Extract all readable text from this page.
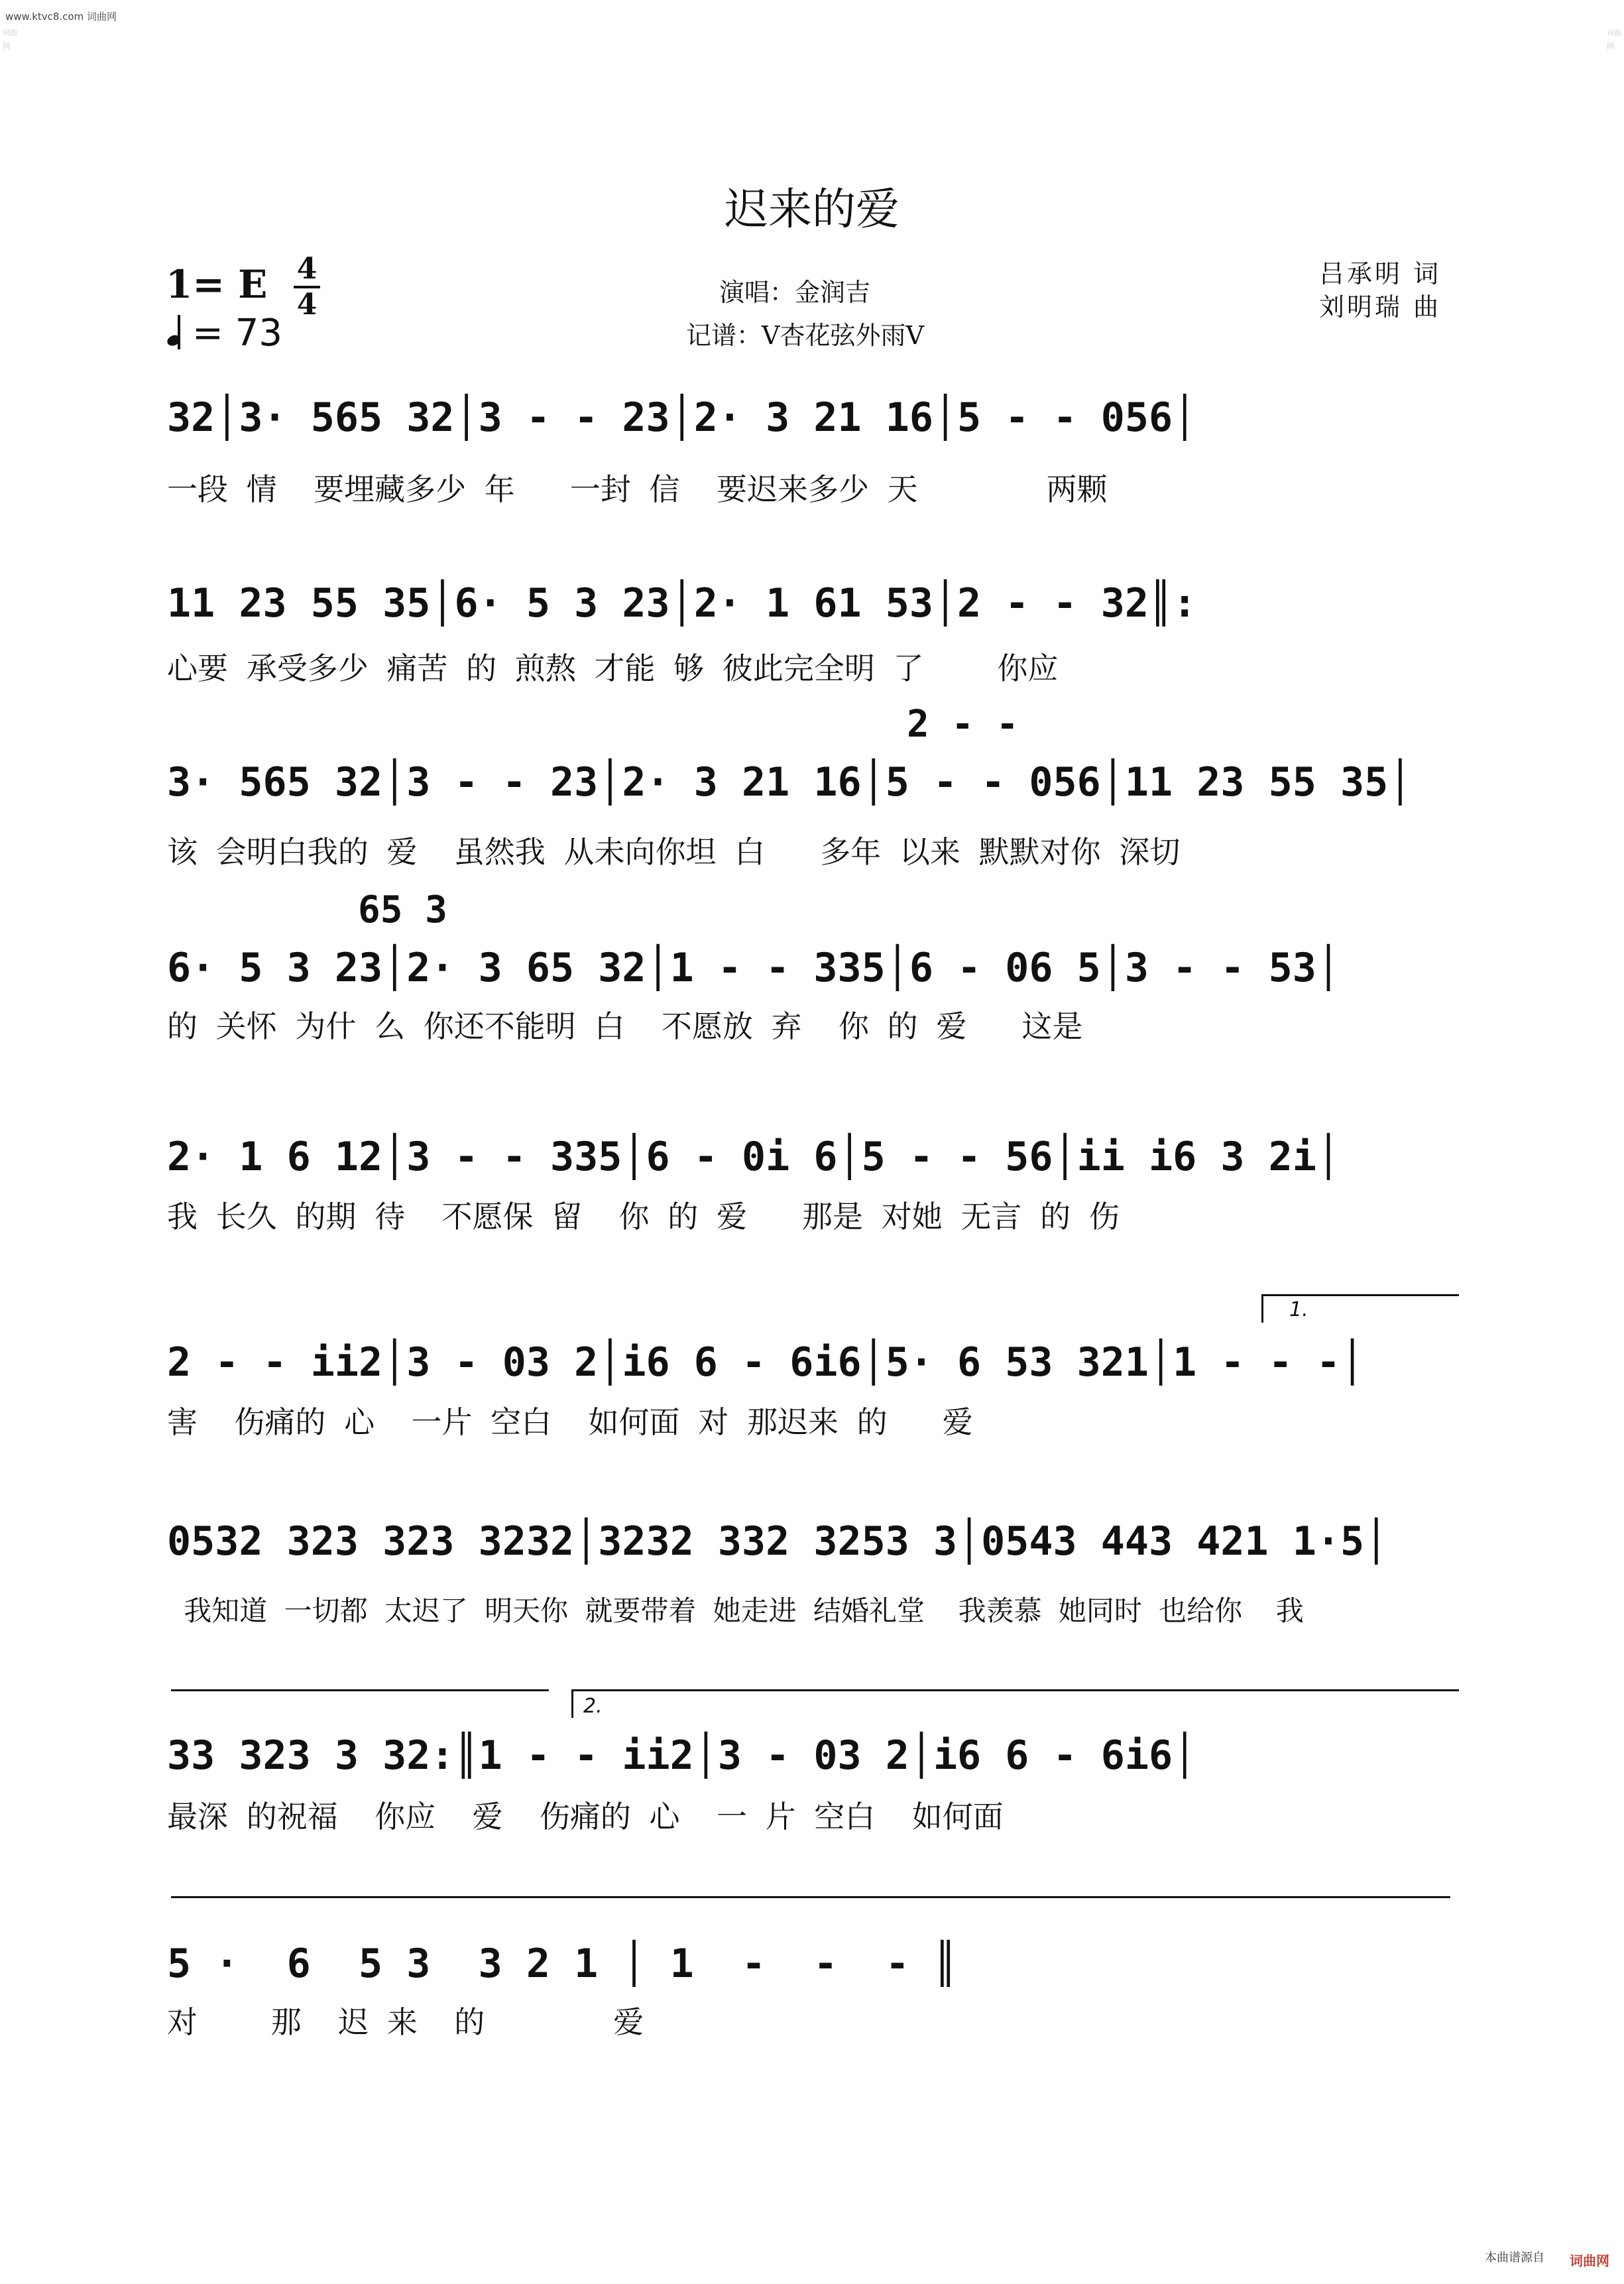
www.ktvc8.com 词曲网
词曲网
词曲网
迟来的爱
1= E 4
4
= 73
演唱：金润吉
记谱：V杏花弦外雨V
吕承明 词
刘明瑞 曲
32│3· 565 32│3 - - 23│2· 3 21 16│5 - - 056│
一段 情  要埋藏多少 年   一封 信  要迟来多少 天       两颗
11 23 55 35│6· 5 3 23│2· 1 61 53│2 - - 32║:
心要 承受多少 痛苦 的 煎熬 才能 够 彼此完全明 了    你应
2 - -
3· 565 32│3 - - 23│2· 3 21 16│5 - - 056│11 23 55 35│
该 会明白我的 爱  虽然我 从未向你坦 白   多年 以来 默默对你 深切
65 3
6· 5 3 23│2· 3 65 32│1 - - 335│6 - 06 5│3 - - 53│
的 关怀 为什 么 你还不能明 白  不愿放 弃  你 的 爱   这是
2· 1 6 12│3 - - 335│6 - 0i 6│5 - - 56│ii i6 3 2i│
我 长久 的期 待  不愿保 留  你 的 爱   那是 对她 无言 的 伤
1.
2 - - ii2│3 - 03 2│i6 6 - 6i6│5· 6 53 321│1 - - -│
害  伤痛的 心  一片 空白  如何面 对 那迟来 的   爱
0532 323 323 3232│3232 332 3253 3│0543 443 421 1·5│
我知道 一切都 太迟了 明天你 就要带着 她走进 结婚礼堂  我羡慕 她同时 也给你  我
2.
33 323 3 32:║1 - - ii2│3 - 03 2│i6 6 - 6i6│
最深 的祝福  你应  爱  伤痛的 心  一 片 空白  如何面
5 ·  6  5 3  3 2 1 │ 1  -  -  - ║
对    那  迟 来  的       爱
本曲谱源自 词曲网
